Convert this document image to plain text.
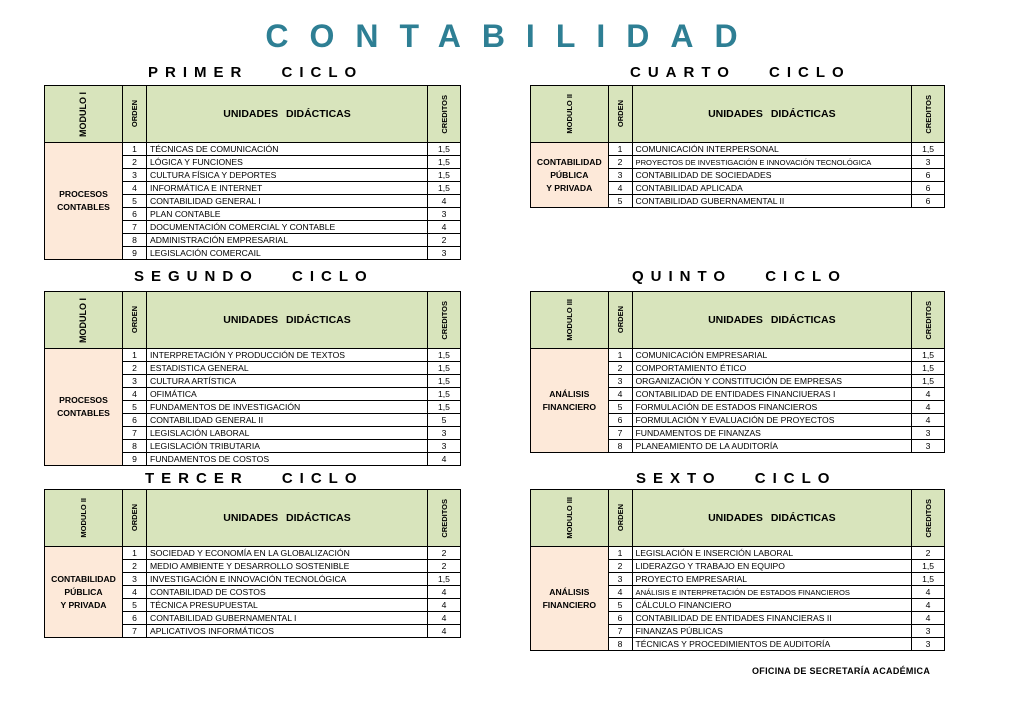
CONTABILIDAD
PRIMER CICLO
MODULO I	ORDEN	UNIDADES DIDÁCTICAS	CREDITOS

PROCESOS
CONTABLES	1	TÉCNICAS DE COMUNICACIÓN	1,5
	2	LÓGICA Y FUNCIONES	1,5
	3	CULTURA FÍSICA Y DEPORTES	1,5
	4	INFORMÁTICA E INTERNET	1,5
	5	CONTABILIDAD GENERAL I	4
	6	PLAN CONTABLE	3
	7	DOCUMENTACIÓN COMERCIAL Y CONTABLE	4
	8	ADMINISTRACIÓN EMPRESARIAL	2
	9	LEGISLACIÓN COMERCAIL	3
SEGUNDO CICLO
MODULO I	ORDEN	UNIDADES DIDÁCTICAS	CREDITOS

PROCESOS
CONTABLES	1	INTERPRETACIÓN Y PRODUCCIÓN DE TEXTOS	1,5
	2	ESTADISTICA GENERAL	1,5
	3	CULTURA ARTÍSTICA	1,5
	4	OFIMÁTICA	1,5
	5	FUNDAMENTOS DE INVESTIGACIÓN	1,5
	6	CONTABILIDAD GENERAL II	5
	7	LEGISLACIÓN LABORAL	3
	8	LEGISLACIÓN TRIBUTARIA	3
	9	FUNDAMENTOS DE COSTOS	4
TERCER CICLO
MODULO II	ORDEN	UNIDADES DIDÁCTICAS	CREDITOS

CONTABILIDAD
PÚBLICA
Y PRIVADA	1	SOCIEDAD Y ECONOMÍA EN LA GLOBALIZACIÓN	2
	2	MEDIO AMBIENTE Y DESARROLLO SOSTENIBLE	2
	3	INVESTIGACIÓN E INNOVACIÓN TECNOLÓGICA	1,5
	4	CONTABILIDAD DE COSTOS	4
	5	TÉCNICA PRESUPUESTAL	4
	6	CONTABILIDAD GUBERNAMENTAL I	4
	7	APLICATIVOS INFORMÁTICOS	4
CUARTO CICLO
MODULO II	ORDEN	UNIDADES DIDÁCTICAS	CREDITOS

CONTABILIDAD
PÚBLICA
Y PRIVADA	1	COMUNICACIÓN INTERPERSONAL	1,5
	2	PROYECTOS DE INVESTIGACIÓN E INNOVACIÓN TECNOLÓGICA	3
	3	CONTABILIDAD DE SOCIEDADES	6
	4	CONTABILIDAD APLICADA	6
	5	CONTABILIDAD GUBERNAMENTAL II	6
QUINTO CICLO
MODULO III	ORDEN	UNIDADES DIDÁCTICAS	CREDITOS

ANÁLISIS
FINANCIERO	1	COMUNICACIÓN EMPRESARIAL	1,5
	2	COMPORTAMIENTO ÉTICO	1,5
	3	ORGANIZACIÓN Y CONSTITUCIÓN DE EMPRESAS	1,5
	4	CONTABILIDAD DE ENTIDADES FINANCIUERAS I	4
	5	FORMULACIÓN DE ESTADOS FINANCIEROS	4
	6	FORMULACIÓN Y EVALUACIÓN DE PROYECTOS	4
	7	FUNDAMENTOS DE FINANZAS	3
	8	PLANEAMIENTO DE LA AUDITORÍA	3
SEXTO CICLO
MODULO III	ORDEN	UNIDADES DIDÁCTICAS	CREDITOS

ANÁLISIS
FINANCIERO	1	LEGISLACIÓN E INSERCIÓN LABORAL	2
	2	LIDERAZGO Y TRABAJO EN EQUIPO	1,5
	3	PROYECTO EMPRESARIAL	1,5
	4	ANÁLISIS E INTERPRETACIÓN DE ESTADOS FINANCIEROS	4
	5	CÁLCULO FINANCIERO	4
	6	CONTABILIDAD DE ENTIDADES FINANCIERAS II	4
	7	FINANZAS PÚBLICAS	3
	8	TÉCNICAS Y PROCEDIMIENTOS DE AUDITORÍA	3
OFICINA DE SECRETARÍA ACADÉMICA
